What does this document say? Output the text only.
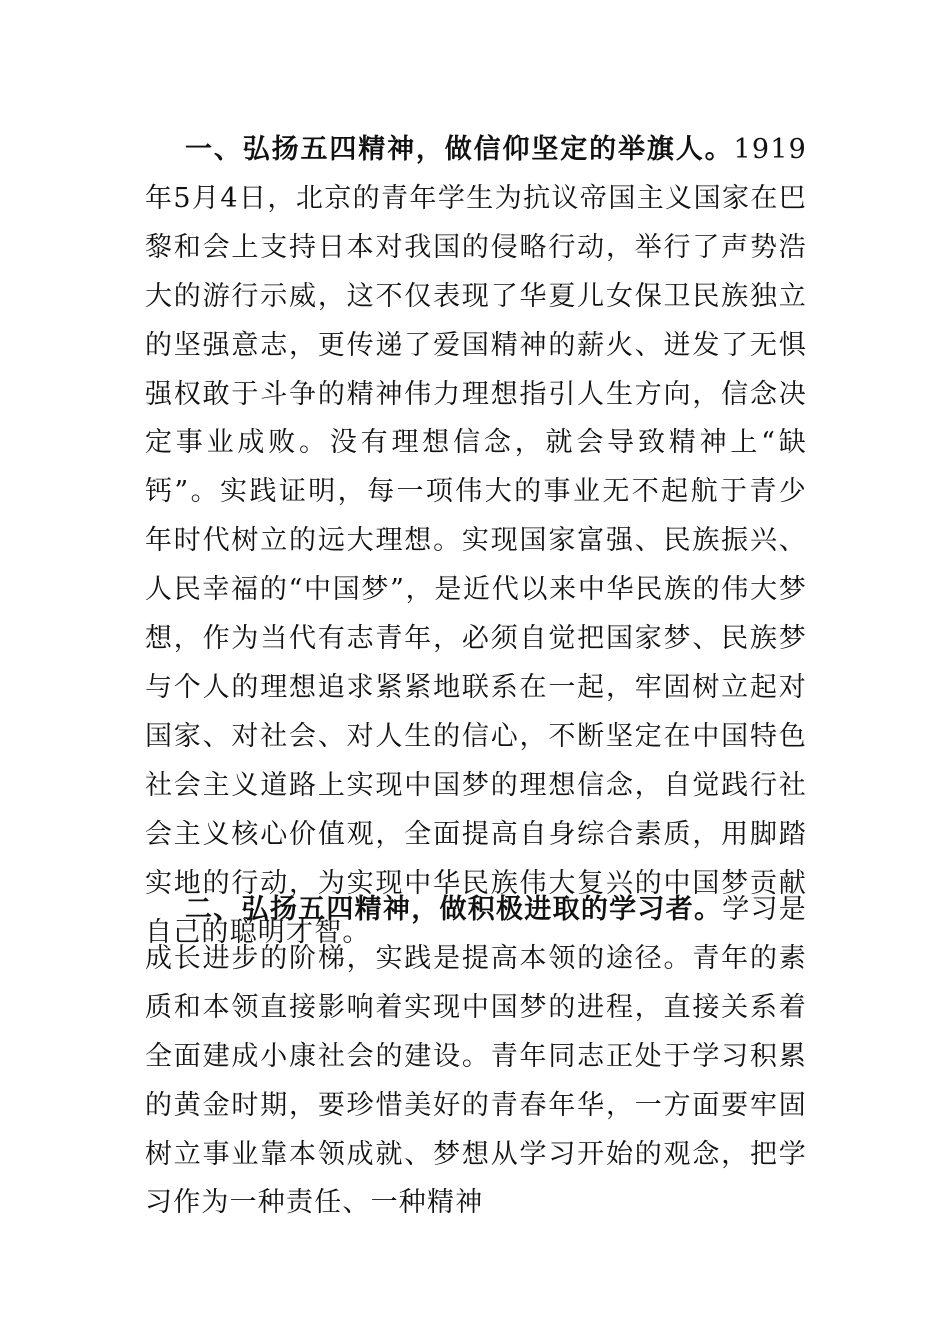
一、弘扬五四精神，做信仰坚定的举旗人。1919年5月4日，北京的青年学生为抗议帝国主义国家在巴黎和会上支持日本对我国的侵略行动，举行了声势浩大的游行示威，这不仅表现了华夏儿女保卫民族独立的坚强意志，更传递了爱国精神的薪火、迸发了无惧强权敢于斗争的精神伟力理想指引人生方向，信念决定事业成败。没有理想信念，就会导致精神上“缺钙”。实践证明，每一项伟大的事业无不起航于青少年时代树立的远大理想。实现国家富强、民族振兴、人民幸福的“中国梦”，是近代以来中华民族的伟大梦想，作为当代有志青年，必须自觉把国家梦、民族梦与个人的理想追求紧紧地联系在一起，牢固树立起对国家、对社会、对人生的信心，不断坚定在中国特色社会主义道路上实现中国梦的理想信念，自觉践行社会主义核心价值观，全面提高自身综合素质，用脚踏实地的行动，为实现中华民族伟大复兴的中国梦贡献自己的聪明才智。

二、弘扬五四精神，做积极进取的学习者。学习是成长进步的阶梯，实践是提高本领的途径。青年的素质和本领直接影响着实现中国梦的进程，直接关系着全面建成小康社会的建设。青年同志正处于学习积累的黄金时期，要珍惜美好的青春年华，一方面要牢固树立事业靠本领成就、梦想从学习开始的观念，把学习作为一种责任、一种精神
